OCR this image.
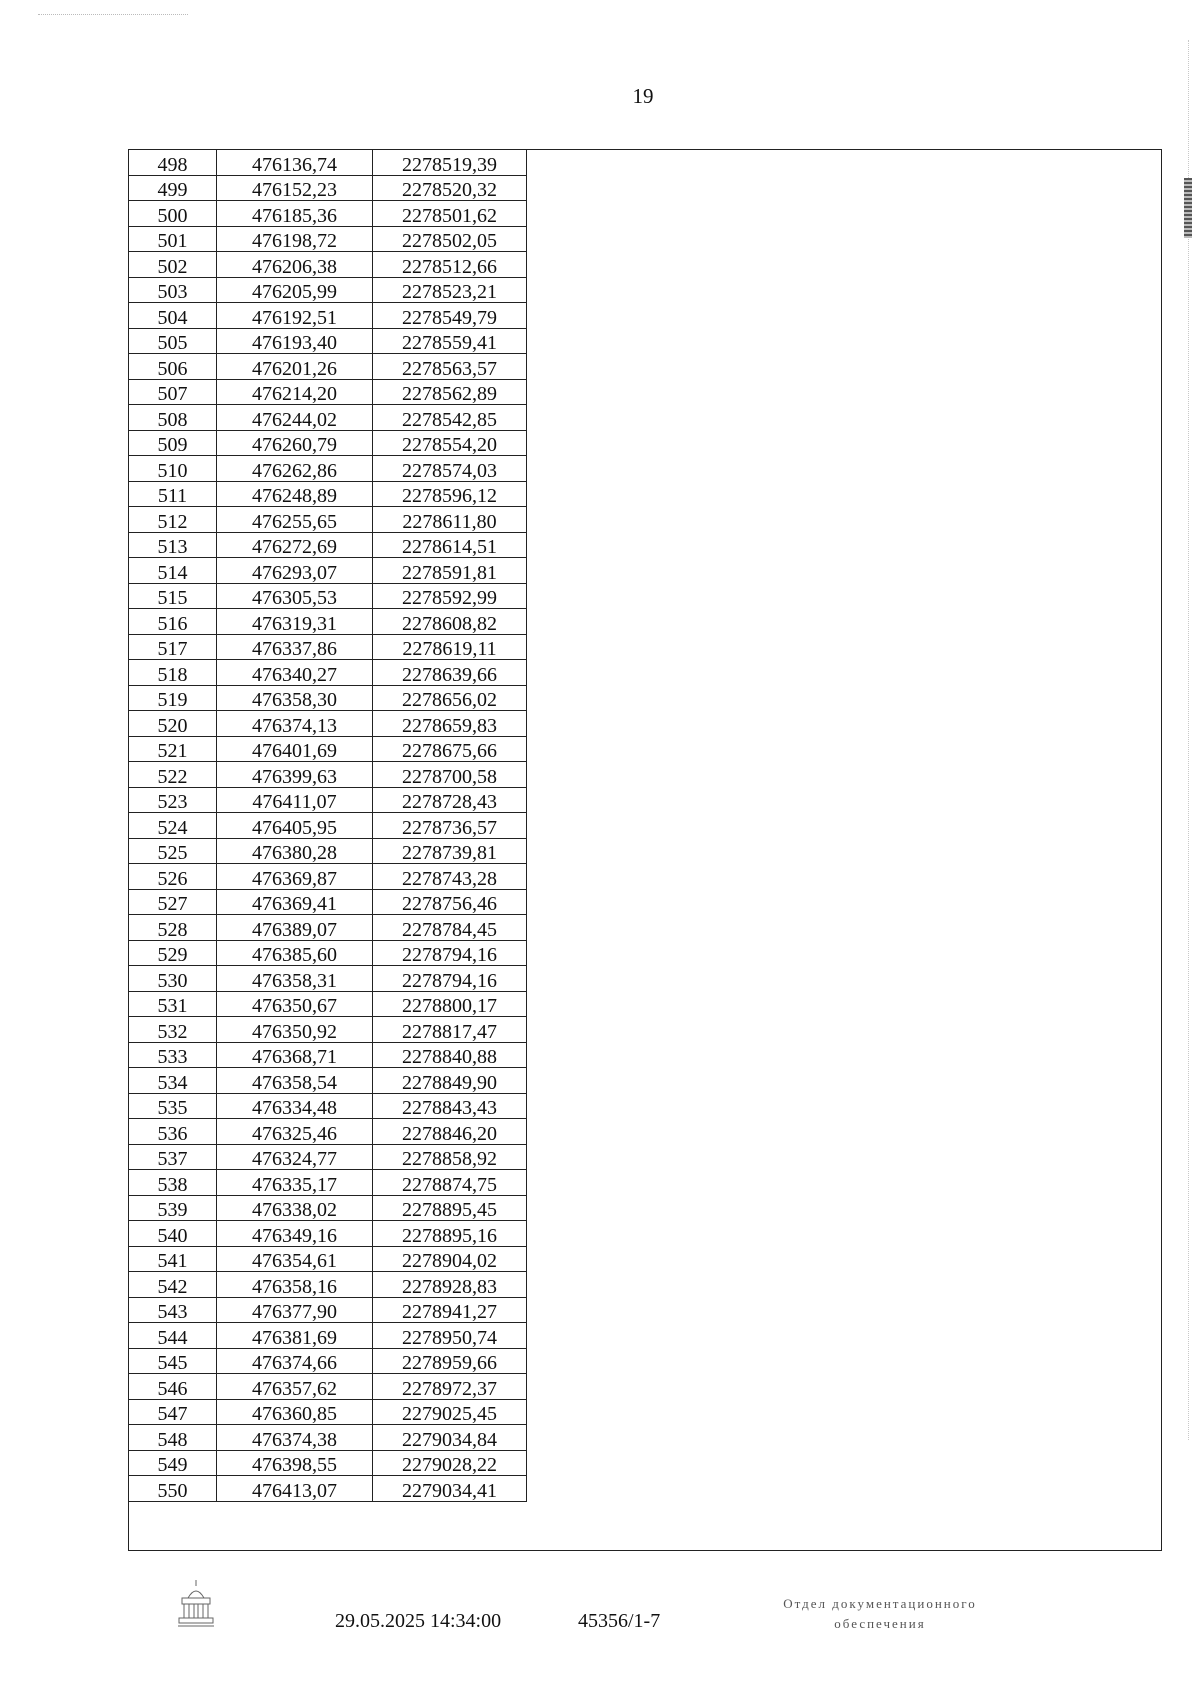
19
498	476136,74	2278519,39
499	476152,23	2278520,32
500	476185,36	2278501,62
501	476198,72	2278502,05
502	476206,38	2278512,66
503	476205,99	2278523,21
504	476192,51	2278549,79
505	476193,40	2278559,41
506	476201,26	2278563,57
507	476214,20	2278562,89
508	476244,02	2278542,85
509	476260,79	2278554,20
510	476262,86	2278574,03
511	476248,89	2278596,12
512	476255,65	2278611,80
513	476272,69	2278614,51
514	476293,07	2278591,81
515	476305,53	2278592,99
516	476319,31	2278608,82
517	476337,86	2278619,11
518	476340,27	2278639,66
519	476358,30	2278656,02
520	476374,13	2278659,83
521	476401,69	2278675,66
522	476399,63	2278700,58
523	476411,07	2278728,43
524	476405,95	2278736,57
525	476380,28	2278739,81
526	476369,87	2278743,28
527	476369,41	2278756,46
528	476389,07	2278784,45
529	476385,60	2278794,16
530	476358,31	2278794,16
531	476350,67	2278800,17
532	476350,92	2278817,47
533	476368,71	2278840,88
534	476358,54	2278849,90
535	476334,48	2278843,43
536	476325,46	2278846,20
537	476324,77	2278858,92
538	476335,17	2278874,75
539	476338,02	2278895,45
540	476349,16	2278895,16
541	476354,61	2278904,02
542	476358,16	2278928,83
543	476377,90	2278941,27
544	476381,69	2278950,74
545	476374,66	2278959,66
546	476357,62	2278972,37
547	476360,85	2279025,45
548	476374,38	2279034,84
549	476398,55	2279028,22
550	476413,07	2279034,41
29.05.2025 14:34:00	45356/1-7
Отдел документационного
обеспечения
